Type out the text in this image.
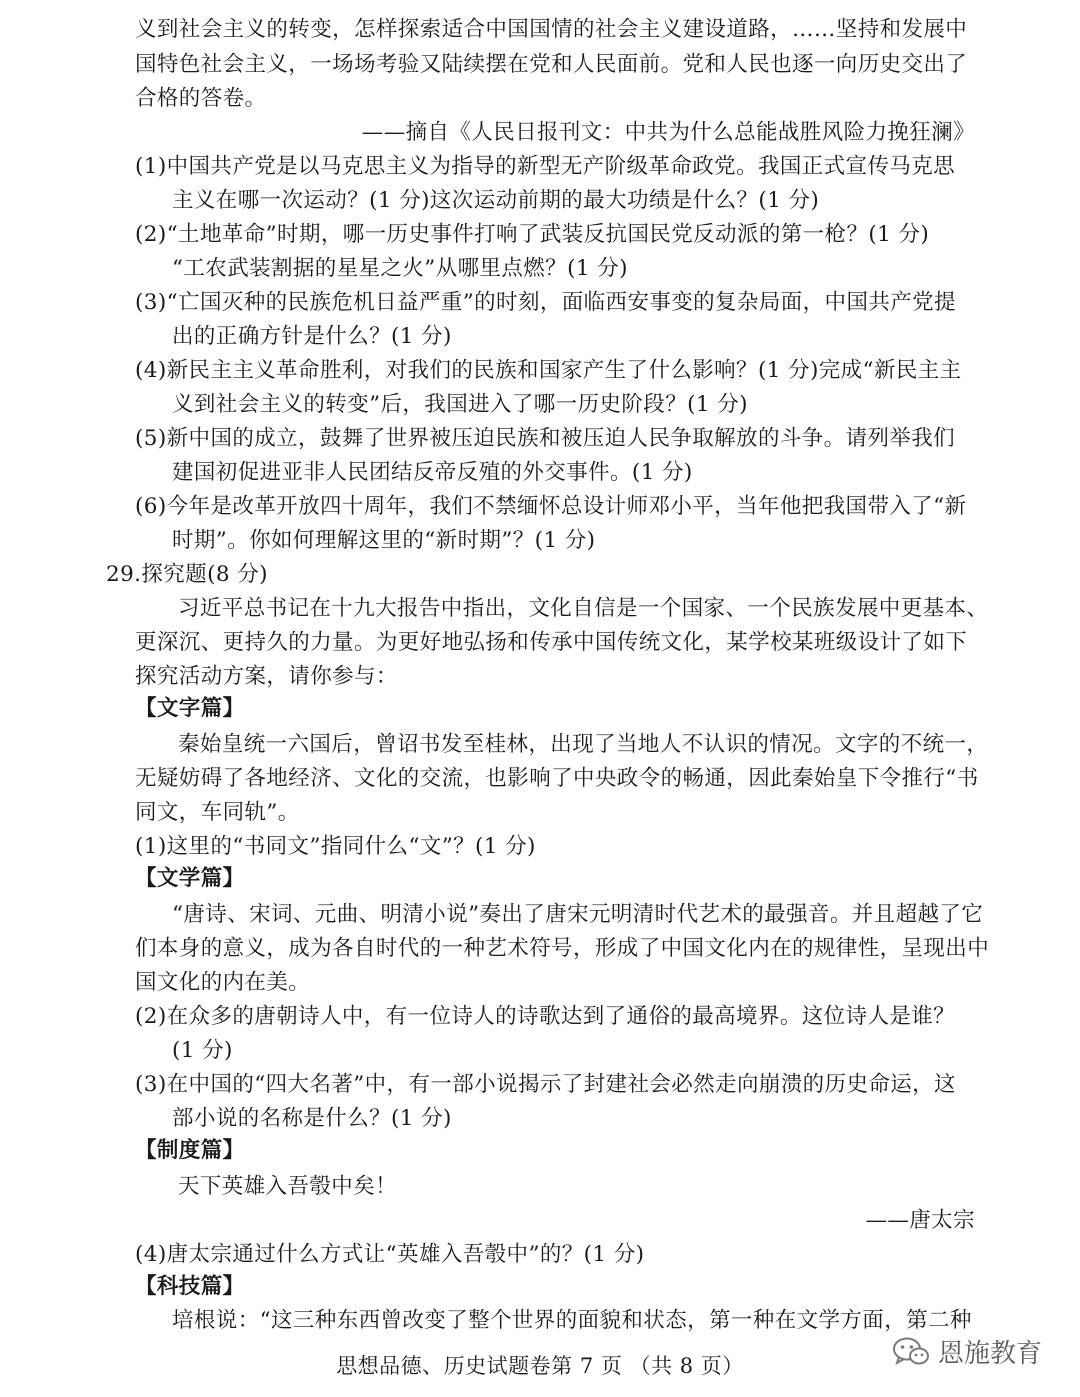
义到社会主义的转变，怎样探索适合中国国情的社会主义建设道路，……坚持和发展中
国特色社会主义，一场场考验又陆续摆在党和人民面前。党和人民也逐一向历史交出了
合格的答卷。
——摘自《人民日报刊文：中共为什么总能战胜风险力挽狂澜》
(1)中国共产党是以马克思主义为指导的新型无产阶级革命政党。我国正式宣传马克思
主义在哪一次运动？(1 分)这次运动前期的最大功绩是什么？(1 分)
(2)“土地革命”时期，哪一历史事件打响了武装反抗国民党反动派的第一枪？(1 分)
“工农武装割据的星星之火”从哪里点燃？(1 分)
(3)“亡国灭种的民族危机日益严重”的时刻，面临西安事变的复杂局面，中国共产党提
出的正确方针是什么？(1 分)
(4)新民主主义革命胜利，对我们的民族和国家产生了什么影响？(1 分)完成“新民主主
义到社会主义的转变”后，我国进入了哪一历史阶段？(1 分)
(5)新中国的成立，鼓舞了世界被压迫民族和被压迫人民争取解放的斗争。请列举我们
建国初促进亚非人民团结反帝反殖的外交事件。(1 分)
(6)今年是改革开放四十周年，我们不禁缅怀总设计师邓小平，当年他把我国带入了“新
时期”。你如何理解这里的“新时期”？(1 分)
29.探究题(8 分)
习近平总书记在十九大报告中指出，文化自信是一个国家、一个民族发展中更基本、
更深沉、更持久的力量。为更好地弘扬和传承中国传统文化，某学校某班级设计了如下
探究活动方案，请你参与：
【文字篇】
秦始皇统一六国后，曾诏书发至桂林，出现了当地人不认识的情况。文字的不统一，
无疑妨碍了各地经济、文化的交流，也影响了中央政令的畅通，因此秦始皇下令推行“书
同文，车同轨”。
(1)这里的“书同文”指同什么“文”？(1 分)
【文学篇】
“唐诗、宋词、元曲、明清小说”奏出了唐宋元明清时代艺术的最强音。并且超越了它
们本身的意义，成为各自时代的一种艺术符号，形成了中国文化内在的规律性，呈现出中
国文化的内在美。
(2)在众多的唐朝诗人中，有一位诗人的诗歌达到了通俗的最高境界。这位诗人是谁？
(1 分)
(3)在中国的“四大名著”中，有一部小说揭示了封建社会必然走向崩溃的历史命运，这
部小说的名称是什么？(1 分)
【制度篇】
天下英雄入吾彀中矣！
——唐太宗
(4)唐太宗通过什么方式让“英雄入吾彀中”的？(1 分)
【科技篇】
培根说：“这三种东西曾改变了整个世界的面貌和状态，第一种在文学方面，第二种
思想品德、历史试题卷第 7 页 （共 8 页）	恩施教育
